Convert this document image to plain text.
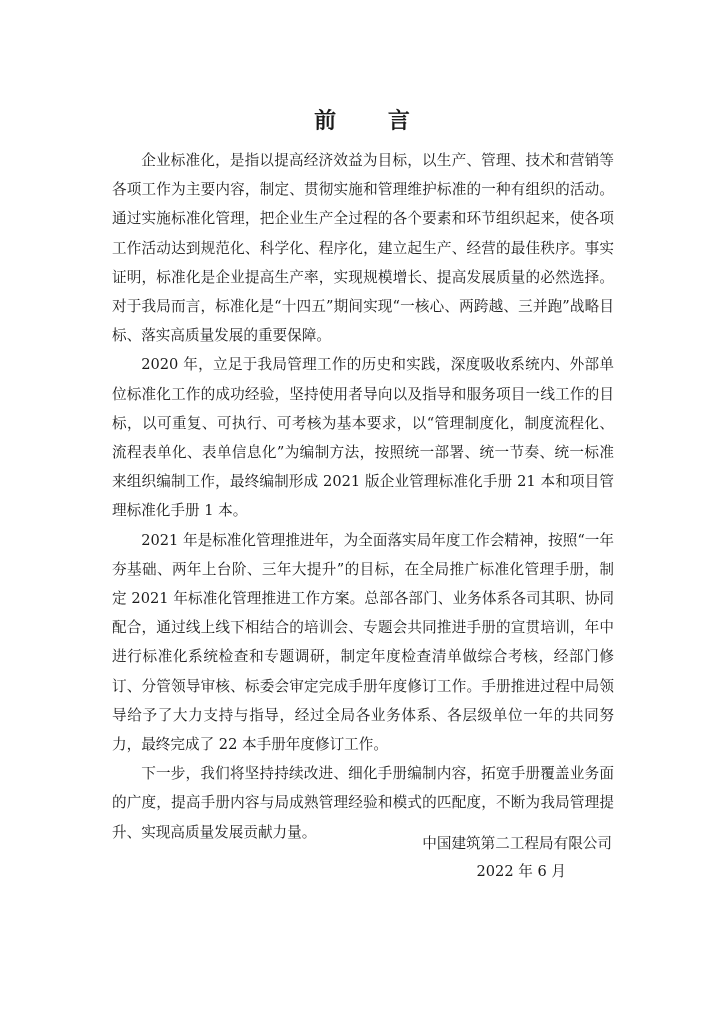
前 言

企业标准化，是指以提高经济效益为目标，以生产、管理、技术和营销等各项工作为主要内容，制定、贯彻实施和管理维护标准的一种有组织的活动。通过实施标准化管理，把企业生产全过程的各个要素和环节组织起来，使各项工作活动达到规范化、科学化、程序化，建立起生产、经营的最佳秩序。事实证明，标准化是企业提高生产率，实现规模增长、提高发展质量的必然选择。对于我局而言，标准化是“十四五”期间实现“一核心、两跨越、三并跑”战略目标、落实高质量发展的重要保障。

2020 年，立足于我局管理工作的历史和实践，深度吸收系统内、外部单位标准化工作的成功经验，坚持使用者导向以及指导和服务项目一线工作的目标，以可重复、可执行、可考核为基本要求，以“管理制度化，制度流程化、流程表单化、表单信息化”为编制方法，按照统一部署、统一节奏、统一标准来组织编制工作，最终编制形成 2021 版企业管理标准化手册 21 本和项目管理标准化手册 1 本。

2021 年是标准化管理推进年，为全面落实局年度工作会精神，按照“一年夯基础、两年上台阶、三年大提升”的目标，在全局推广标准化管理手册，制定 2021 年标准化管理推进工作方案。总部各部门、业务体系各司其职、协同配合，通过线上线下相结合的培训会、专题会共同推进手册的宣贯培训，年中进行标准化系统检查和专题调研，制定年度检查清单做综合考核，经部门修订、分管领导审核、标委会审定完成手册年度修订工作。手册推进过程中局领导给予了大力支持与指导，经过全局各业务体系、各层级单位一年的共同努力，最终完成了 22 本手册年度修订工作。

下一步，我们将坚持持续改进、细化手册编制内容，拓宽手册覆盖业务面的广度，提高手册内容与局成熟管理经验和模式的匹配度，不断为我局管理提升、实现高质量发展贡献力量。

中国建筑第二工程局有限公司
2022 年 6 月
